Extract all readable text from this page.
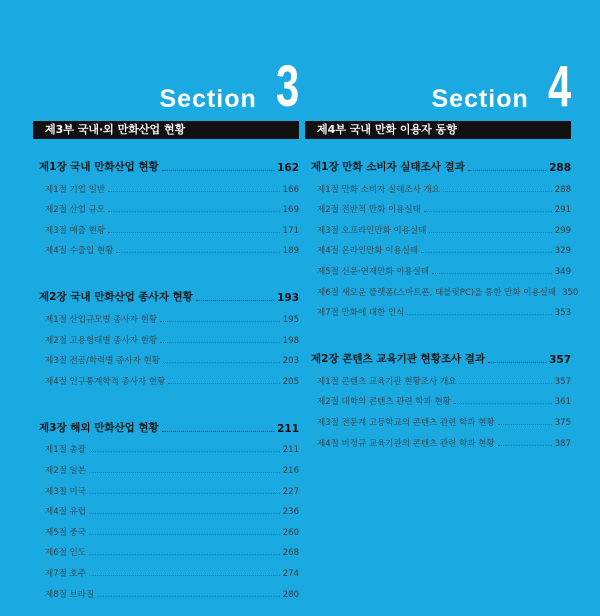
Section 3
제3부 국내·외 만화산업 현황
제1장 국내 만화산업 현황	162
제1절 기업 일반	166
제2절 산업 규모	169
제3절 매출 현황	171
제4절 수출입 현황	189
제2장 국내 만화산업 종사자 현황	193
제1절 산업규모별 종사자 현황	195
제2절 고용형태별 종사자 현황	198
제3절 전공/학력별 종사자 현황	203
제4절 인구통계학적 종사자 현황	205
제3장 해외 만화산업 현황	211
제1절 총괄	211
제2절 일본	216
제3절 미국	227
제4절 유럽	236
제5절 중국	260
제6절 인도	268
제7절 호주	274
제8절 브라질	280
Section 4
제4부 국내 만화 이용자 동향
제1장 만화 소비자 실태조사 결과	288
제1절 만화 소비자 실태조사 개요	288
제2절 전반적 만화 이용실태	291
제3절 오프라인만화 이용실태	299
제4절 온라인만화 이용실태	329
제5절 신문·연재만화 이용실태	349
제6절 새로운 플랫폼(스마트폰, 태블릿PC)을 통한 만화 이용실태 350
제7절 만화에 대한 인식	353
제2장 콘텐츠 교육기관 현황조사 결과	357
제1절 콘텐츠 교육기관 현황조사 개요	357
제2절 대학의 콘텐츠 관련 학과 현황	361
제3절 전문계 고등학교의 콘텐츠 관련 학과 현황	375
제4절 비정규 교육기관의 콘텐츠 관련 학과 현황	387
